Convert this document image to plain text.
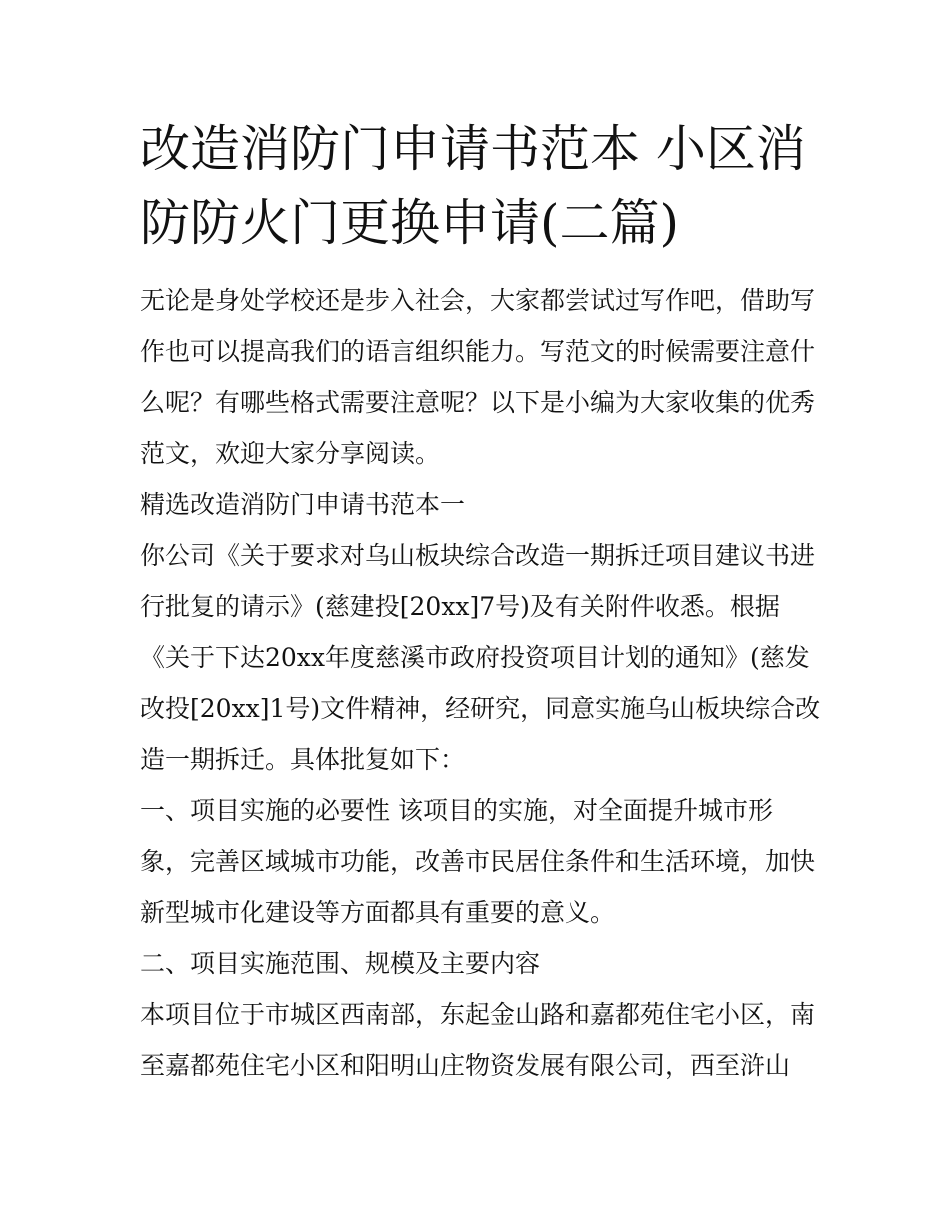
改造消防门申请书范本 小区消防防火门更换申请(二篇)

无论是身处学校还是步入社会，大家都尝试过写作吧，借助写

作也可以提高我们的语言组织能力。写范文的时候需要注意什

么呢？有哪些格式需要注意呢？以下是小编为大家收集的优秀

范文，欢迎大家分享阅读。

精选改造消防门申请书范本一

你公司《关于要求对乌山板块综合改造一期拆迁项目建议书进

行批复的请示》(慈建投[20xx]7号)及有关附件收悉。根据

《关于下达20xx年度慈溪市政府投资项目计划的通知》(慈发

改投[20xx]1号)文件精神，经研究，同意实施乌山板块综合改

造一期拆迁。具体批复如下：

一、项目实施的必要性 该项目的实施，对全面提升城市形

象，完善区域城市功能，改善市民居住条件和生活环境，加快

新型城市化建设等方面都具有重要的意义。

二、项目实施范围、规模及主要内容

本项目位于市城区西南部，东起金山路和嘉都苑住宅小区，南

至嘉都苑住宅小区和阳明山庄物资发展有限公司，西至浒山
